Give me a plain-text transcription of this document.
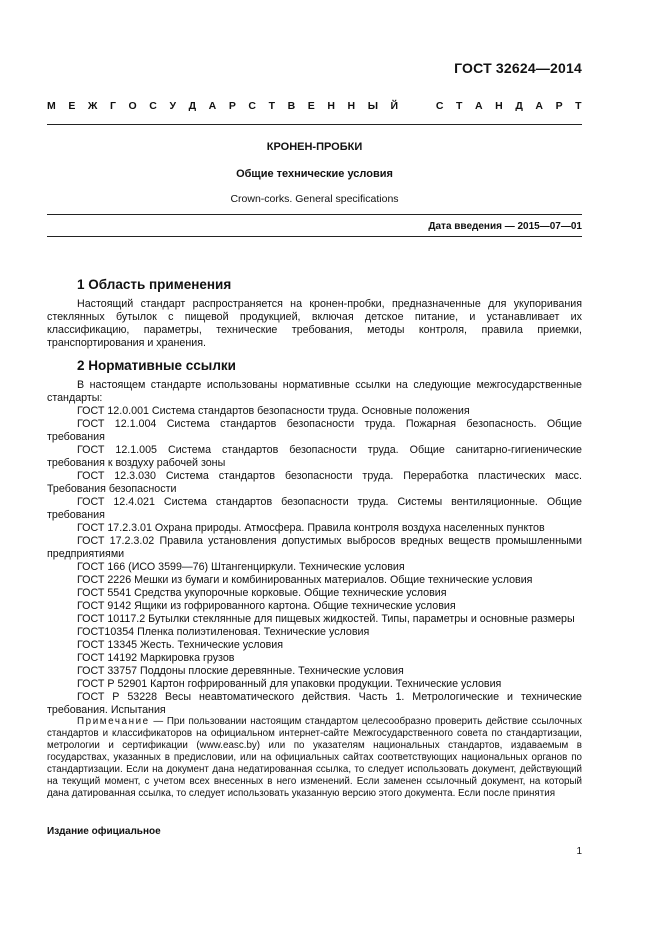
ГОСТ 32624—2014
М Е Ж Г О С У Д А Р С Т В Е Н Н Ы Й	С Т А Н Д А Р Т
КРОНЕН-ПРОБКИ
Общие технические условия
Crown-corks. General specifications
Дата введения — 2015—07—01
1 Область применения

Настоящий стандарт распространяется на кронен-пробки, предназначенные для укупоривания стеклянных бутылок с пищевой продукцией, включая детское питание, и устанавливает их классификацию, параметры, технические требования, методы контроля, правила приемки, транспортирования и хранения.

2 Нормативные ссылки

В настоящем стандарте использованы нормативные ссылки на следующие межгосударственные стандарты:

ГОСТ 12.0.001 Система стандартов безопасности труда. Основные положения

ГОСТ 12.1.004 Система стандартов безопасности труда. Пожарная безопасность. Общие требования

ГОСТ 12.1.005 Система стандартов безопасности труда. Общие санитарно-гигиенические требования к воздуху рабочей зоны

ГОСТ 12.3.030 Система стандартов безопасности труда. Переработка пластических масс. Требования безопасности

ГОСТ 12.4.021 Система стандартов безопасности труда. Системы вентиляционные. Общие требования

ГОСТ 17.2.3.01 Охрана природы. Атмосфера. Правила контроля воздуха населенных пунктов

ГОСТ 17.2.3.02 Правила установления допустимых выбросов вредных веществ промышленными предприятиями

ГОСТ 166 (ИСО 3599—76) Штангенциркули. Технические условия

ГОСТ 2226 Мешки из бумаги и комбинированных материалов. Общие технические условия

ГОСТ 5541 Средства укупорочные корковые. Общие технические условия

ГОСТ 9142 Ящики из гофрированного картона. Общие технические условия

ГОСТ 10117.2 Бутылки стеклянные для пищевых жидкостей. Типы, параметры и основные размеры

ГОСТ10354 Пленка полиэтиленовая. Технические условия

ГОСТ 13345 Жесть. Технические условия

ГОСТ 14192 Маркировка грузов

ГОСТ 33757 Поддоны плоские деревянные. Технические условия

ГОСТ Р 52901 Картон гофрированный для упаковки продукции. Технические условия

ГОСТ Р 53228 Весы неавтоматического действия. Часть 1. Метрологические и технические требования. Испытания

Примечание — При пользовании настоящим стандартом целесообразно проверить действие ссылочных стандартов и классификаторов на официальном интернет-сайте Межгосударственного совета по стандартизации, метрологии и сертификации (www.easc.by) или по указателям национальных стандартов, издаваемым в государствах, указанных в предисловии, или на официальных сайтах соответствующих национальных органов по стандартизации. Если на документ дана недатированная ссылка, то следует использовать документ, действующий на текущий момент, с учетом всех внесенных в него изменений. Если заменен ссылочный документ, на который дана датированная ссылка, то следует использовать указанную версию этого документа. Если после принятия

Издание официальное
1
